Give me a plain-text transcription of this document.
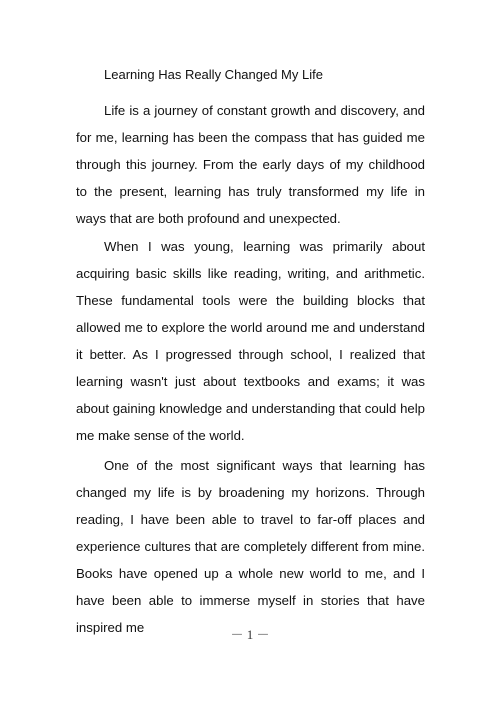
Learning Has Really Changed My Life

Life is a journey of constant growth and discovery, and for me, learning has been the compass that has guided me through this journey. From the early days of my childhood to the present, learning has truly transformed my life in ways that are both profound and unexpected.

When I was young, learning was primarily about acquiring basic skills like reading, writing, and arithmetic. These fundamental tools were the building blocks that allowed me to explore the world around me and understand it better. As I progressed through school, I realized that learning wasn't just about textbooks and exams; it was about gaining knowledge and understanding that could help me make sense of the world.

One of the most significant ways that learning has changed my life is by broadening my horizons. Through reading, I have been able to travel to far-off places and experience cultures that are completely different from mine. Books have opened up a whole new world to me, and I have been able to immerse myself in stories that have inspired me	－ 1 －
